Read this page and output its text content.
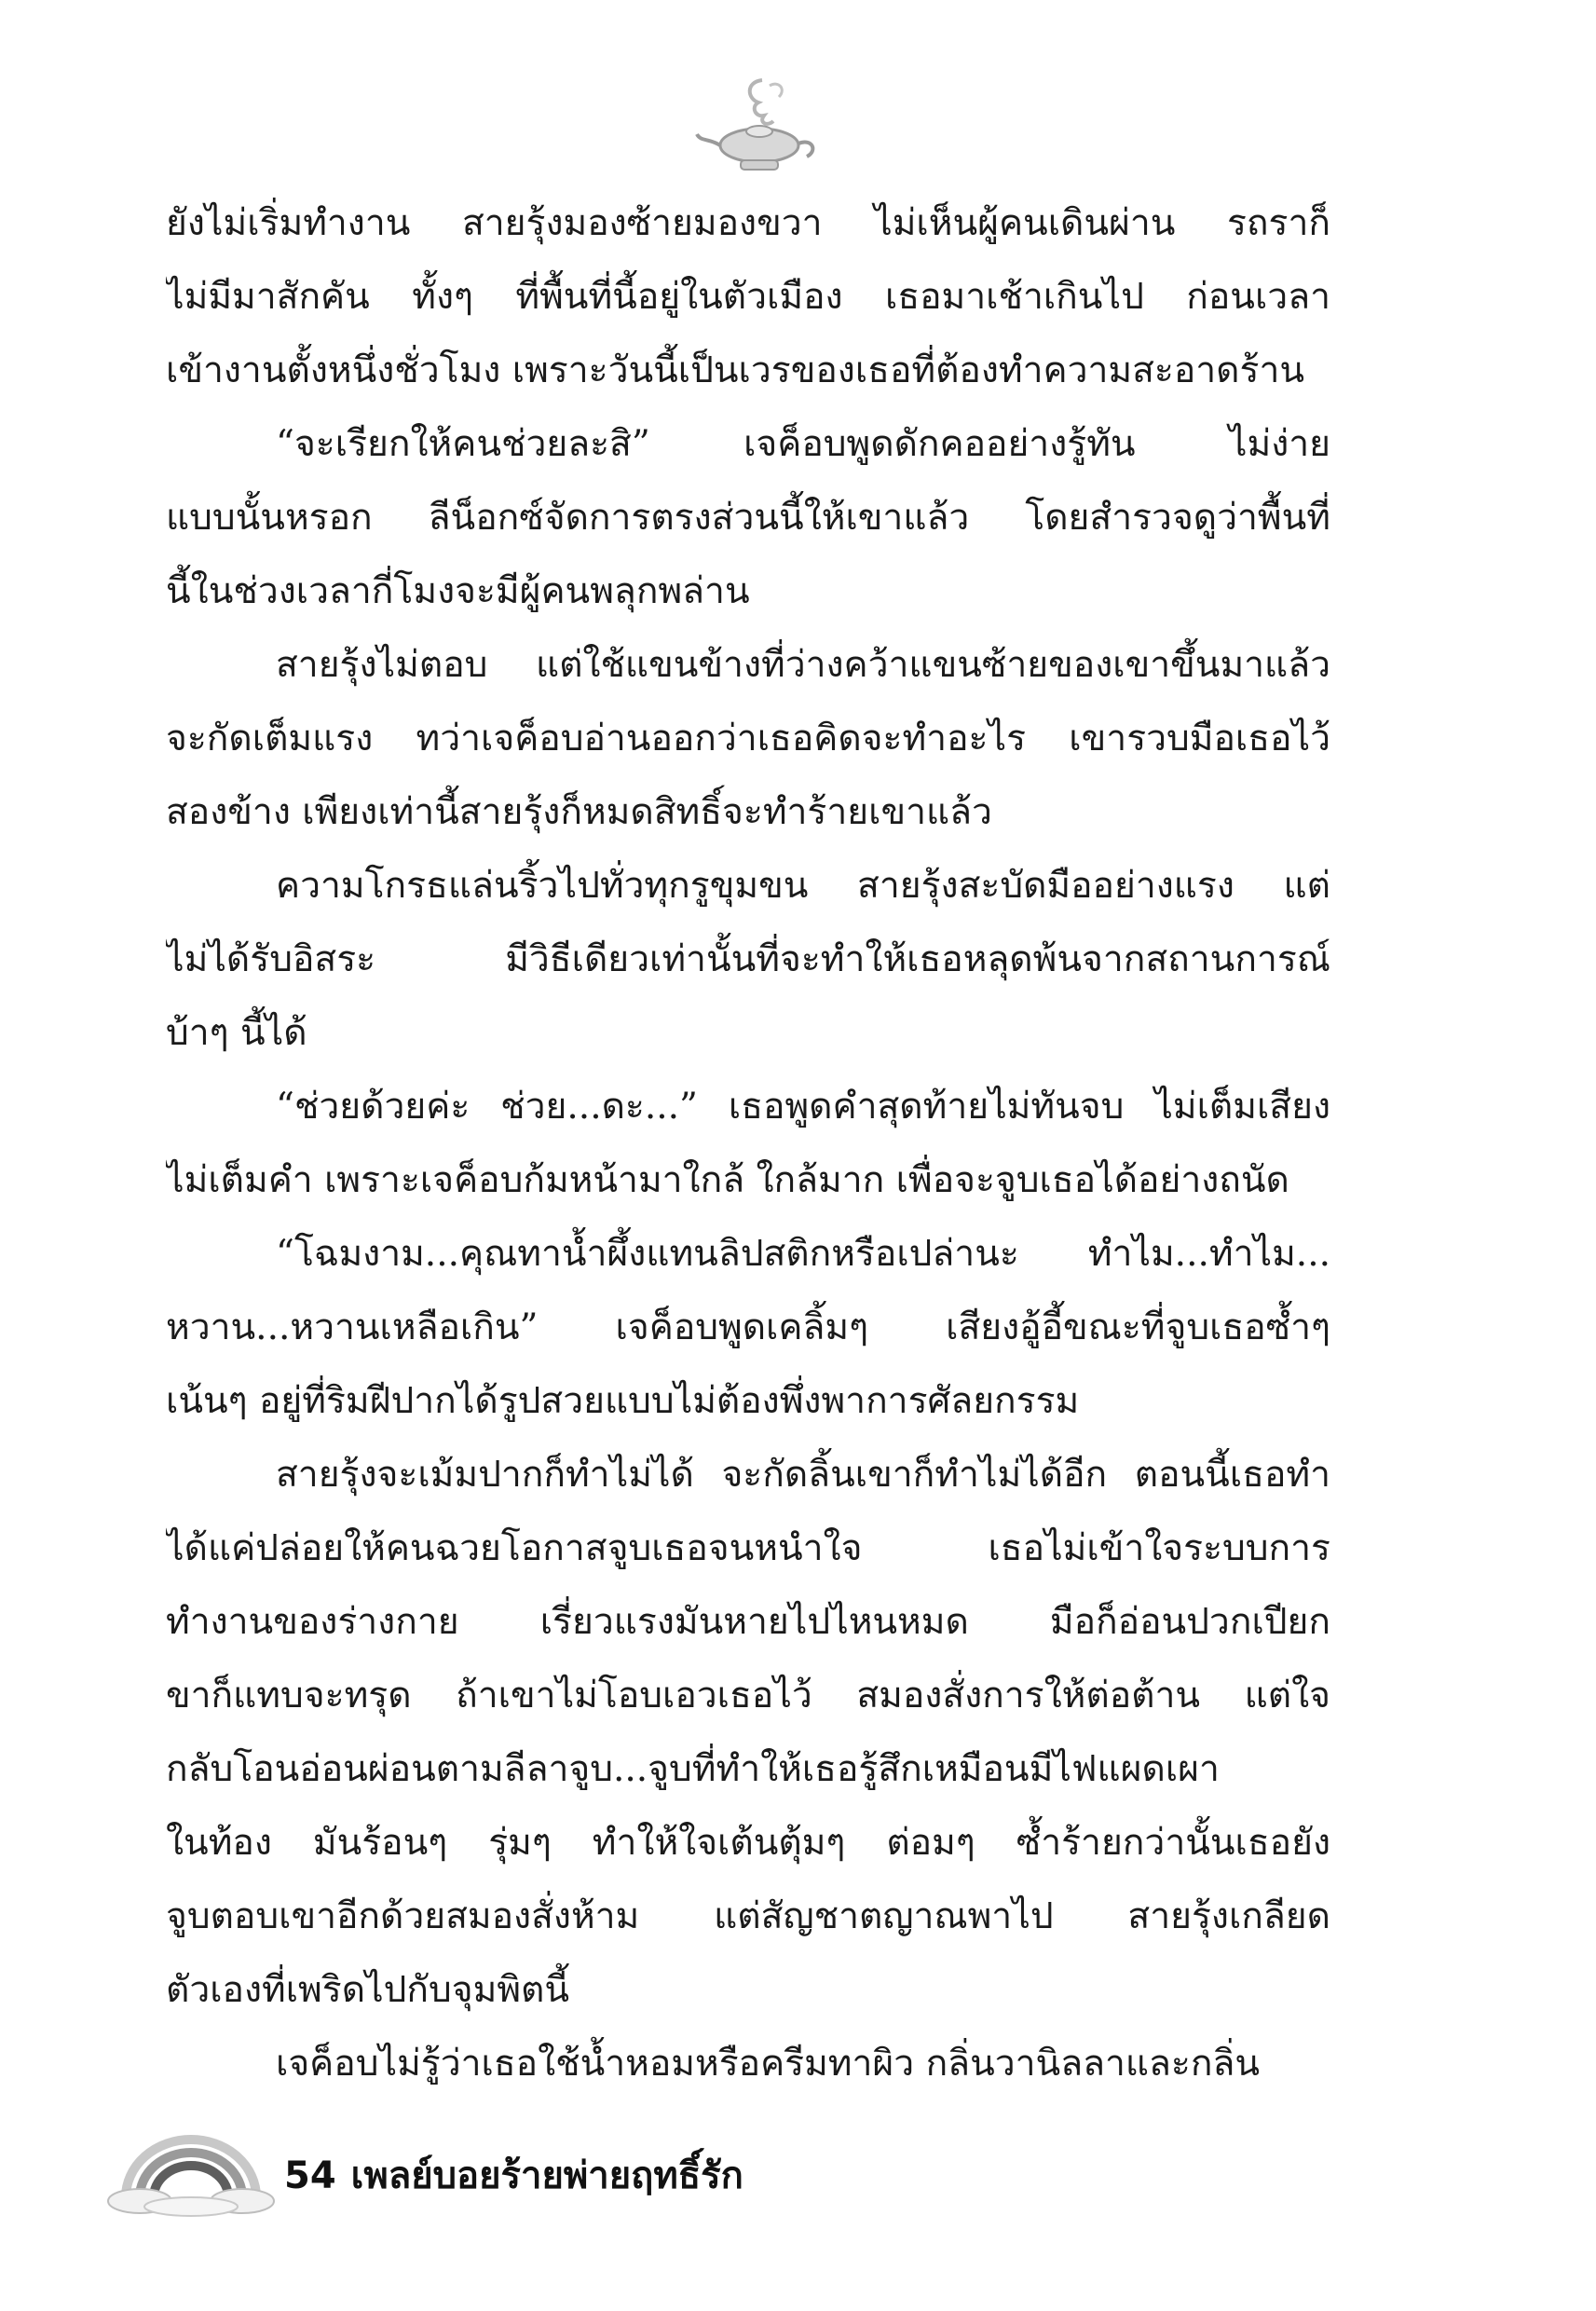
ยังไม่เริ่มทำงาน สายรุ้งมองซ้ายมองขวา ไม่เห็นผู้คนเดินผ่าน รถราก็
ไม่มีมาสักคัน ทั้งๆ ที่พื้นที่นี้อยู่ในตัวเมือง เธอมาเช้าเกินไป ก่อนเวลา
เข้างานตั้งหนึ่งชั่วโมง เพราะวันนี้เป็นเวรของเธอที่ต้องทำความสะอาดร้าน
“จะเรียกให้คนช่วยละสิ” เจค็อบพูดดักคออย่างรู้ทัน ไม่ง่าย
แบบนั้นหรอก ลีน็อกซ์จัดการตรงส่วนนี้ให้เขาแล้ว โดยสำรวจดูว่าพื้นที่
นี้ในช่วงเวลากี่โมงจะมีผู้คนพลุกพล่าน
สายรุ้งไม่ตอบ แต่ใช้แขนข้างที่ว่างคว้าแขนซ้ายของเขาขึ้นมาแล้ว
จะกัดเต็มแรง ทว่าเจค็อบอ่านออกว่าเธอคิดจะทำอะไร เขารวบมือเธอไว้
สองข้าง เพียงเท่านี้สายรุ้งก็หมดสิทธิ์จะทำร้ายเขาแล้ว
ความโกรธแล่นริ้วไปทั่วทุกรูขุมขน สายรุ้งสะบัดมืออย่างแรง แต่
ไม่ได้รับอิสระ มีวิธีเดียวเท่านั้นที่จะทำให้เธอหลุดพ้นจากสถานการณ์
บ้าๆ นี้ได้
“ช่วยด้วยค่ะ ช่วย...ดะ...” เธอพูดคำสุดท้ายไม่ทันจบ ไม่เต็มเสียง
ไม่เต็มคำ เพราะเจค็อบก้มหน้ามาใกล้ ใกล้มาก เพื่อจะจูบเธอได้อย่างถนัด
“โฉมงาม...คุณทาน้ำผึ้งแทนลิปสติกหรือเปล่านะ ทำไม...ทำไม...
หวาน...หวานเหลือเกิน” เจค็อบพูดเคลิ้มๆ เสียงอู้อี้ขณะที่จูบเธอซ้ำๆ
เน้นๆ อยู่ที่ริมฝีปากได้รูปสวยแบบไม่ต้องพึ่งพาการศัลยกรรม
สายรุ้งจะเม้มปากก็ทำไม่ได้ จะกัดลิ้นเขาก็ทำไม่ได้อีก ตอนนี้เธอทำ
ได้แค่ปล่อยให้คนฉวยโอกาสจูบเธอจนหนำใจ เธอไม่เข้าใจระบบการ
ทำงานของร่างกาย เรี่ยวแรงมันหายไปไหนหมด มือก็อ่อนปวกเปียก
ขาก็แทบจะทรุด ถ้าเขาไม่โอบเอวเธอไว้ สมองสั่งการให้ต่อต้าน แต่ใจ
กลับโอนอ่อนผ่อนตามลีลาจูบ...จูบที่ทำให้เธอรู้สึกเหมือนมีไฟแผดเผา
ในท้อง มันร้อนๆ รุ่มๆ ทำให้ใจเต้นตุ้มๆ ต่อมๆ ซ้ำร้ายกว่านั้นเธอยัง
จูบตอบเขาอีกด้วยสมองสั่งห้าม แต่สัญชาตญาณพาไป สายรุ้งเกลียด
ตัวเองที่เพริดไปกับจุมพิตนี้
เจค็อบไม่รู้ว่าเธอใช้น้ำหอมหรือครีมทาผิว กลิ่นวานิลลาและกลิ่น
54 เพลย์บอยร้ายพ่ายฤทธิ์รัก
